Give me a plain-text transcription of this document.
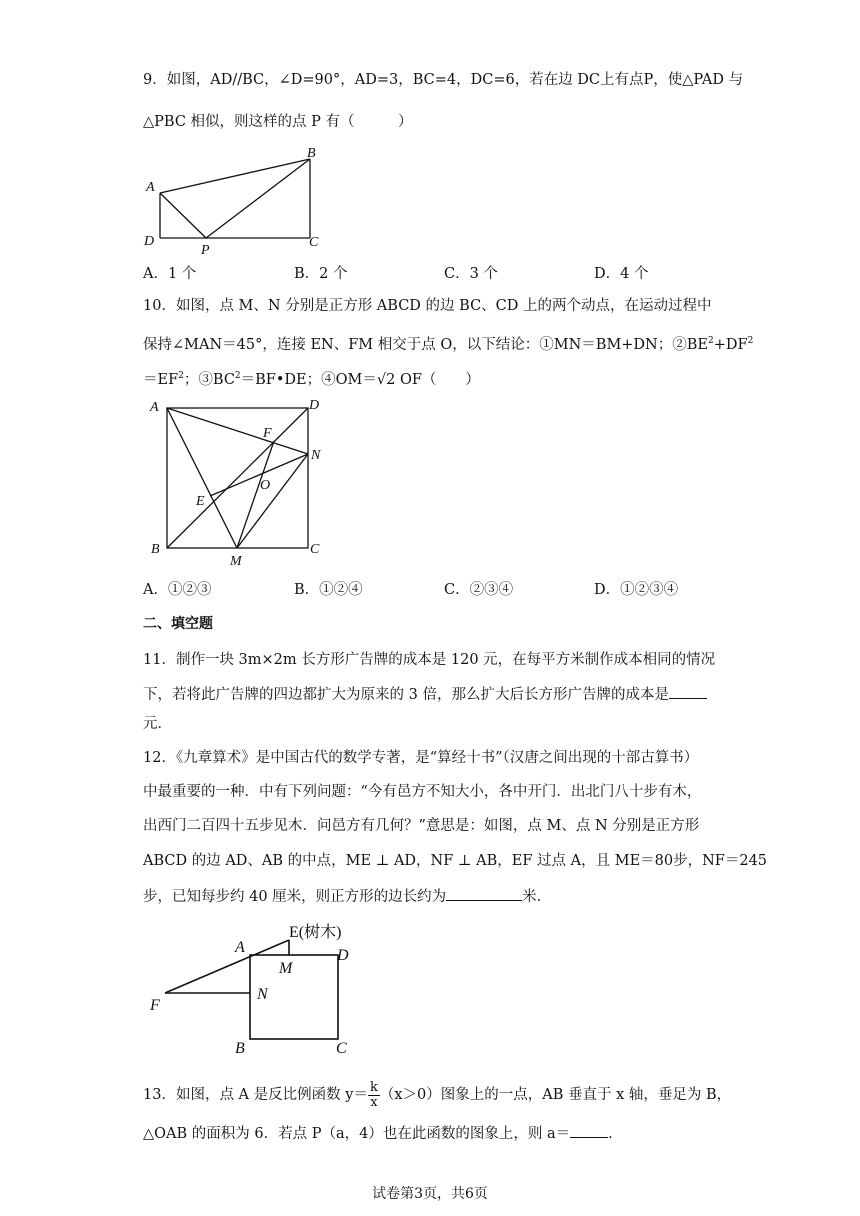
9．如图，AD//BC，∠D=90°，AD=3，BC=4，DC=6，若在边 DC上有点P，使△PAD 与
△PBC 相似，则这样的点 P 有（　　　）
A
B
D
P
C
A．1 个	B．2 个	C．3 个	D．4 个
10．如图，点 M、N 分别是正方形 ABCD 的边 BC、CD 上的两个动点，在运动过程中
保持∠MAN＝45°，连接 EN、FM 相交于点 O，以下结论：①MN＝BM+DN；$②BE^2+DF^2$
$=EF^2$；$③BC^2=BF•DE$；④OM＝√2 OF（　　）
A	D
F
N
O
E
B
M
C
A．①②③	B．①②④	C．②③④	D．①②③④
二、填空题
11．制作一块 3m×2m 长方形广告牌的成本是 120 元，在每平方米制作成本相同的情况
下，若将此广告牌的四边都扩大为原来的 3 倍，那么扩大后长方形广告牌的成本是
元．
12．《九章算术》是中国古代的数学专著，是“算经十书”（汉唐之间出现的十部古算书）
中最重要的一种．中有下列问题：“今有邑方不知大小，各中开门．出北门八十步有木，
出西门二百四十五步见木．问邑方有几何？”意思是：如图，点 M、点 N 分别是正方形
ABCD 的边 AD、AB 的中点，ME ⊥ AD，NF ⊥ AB，EF 过点 A，且 ME＝80步，NF＝245
步，已知每步约 40 厘米，则正方形的边长约为	米．
E(树木)
A
M
D
N
F
B	C
13．如图，点 A 是反比例函数 $y= \frac{k}{x} (x>0)$图象上的一点，AB 垂直于 x 轴，垂足为 B，
△OAB 的面积为 6．若点 P（a，4）也在此函数的图象上，则 a＝	．
试卷第3页，共6页
